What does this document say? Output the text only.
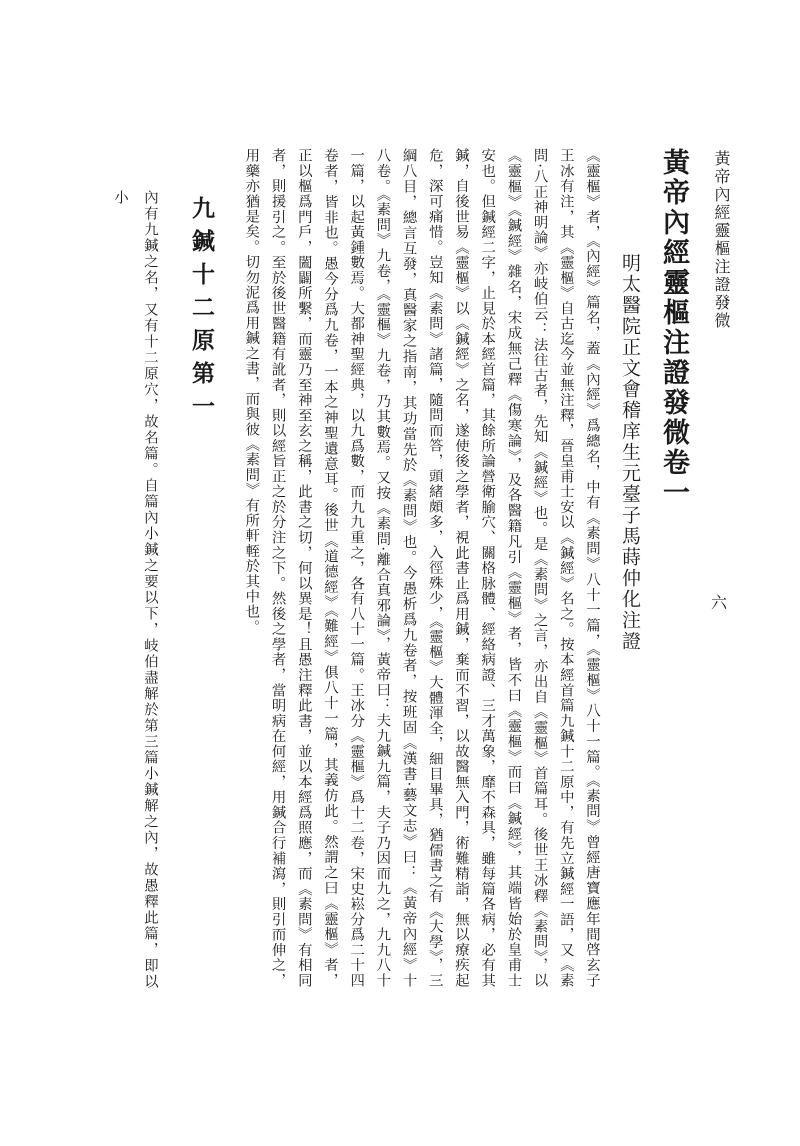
黃帝內經靈樞注證發微
六
黃帝內經靈樞注證發微卷一
明太醫院正文會稽庠生元臺子馬蒔仲化注證

《靈樞》者，《內經》篇名，蓋《內經》爲總名，中有《素問》八十一篇，《靈樞》八十一篇。《素問》曾經唐寶應年間啓玄子王冰有注，其《靈樞》自古迄今並無注釋，晉皇甫士安以《鍼經》名之。按本經首篇九鍼十二原中，有先立鍼經一語，又《素問·八正神明論》亦岐伯云：法往古者，先知《鍼經》也。是《素問》之言，亦出自《靈樞》首篇耳。後世王冰釋《素問》，以《靈樞》《鍼經》雜名，宋成無己釋《傷寒論》，及各醫籍凡引《靈樞》者，皆不曰《靈樞》而曰《鍼經》，其端皆始於皇甫士安也。但鍼經二字，止見於本經首篇，其餘所論營衛腧穴、關格脉體、經絡病證、三才萬象，靡不森具，雖每篇各病，必有其鍼，自後世易《靈樞》以《鍼經》之名，遂使後之學者，視此書止爲用鍼，棄而不習，以故醫無入門，術難精詣，無以療疾起危，深可痛惜。豈知《素問》諸篇，隨問而答，頭緒頗多，入徑殊少，《靈樞》大體渾全，細目畢具，猶儒書之有《大學》，三綱八目，總言互發，真醫家之指南，其功當先於《素問》也。今愚析爲九卷者，按班固《漢書·藝文志》曰：《黃帝內經》十八卷。《素問》九卷，《靈樞》九卷，乃其數焉。又按《素問·離合真邪論》，黃帝曰：夫九鍼九篇，夫子乃因而九之，九九八十一篇，以起黃鍾數焉。大都神聖經典，以九爲數，而九九重之，各有八十一篇。王冰分《靈樞》爲十二卷，宋史崧分爲二十四卷者，皆非也。愚今分爲九卷，一本之神聖遺意耳。後世《道德經》《難經》俱八十一篇，其義仿此。然謂之曰《靈樞》者，正以樞爲門戶，闔闢所繫，而靈乃至神至玄之稱，此書之切，何以異是！且愚注釋此書，並以本經爲照應，而《素問》有相同者，則援引之。至於後世醫籍有訛者，則以經旨正之於分注之下。然後之學者，當明病在何經，用鍼合行補瀉，則引而伸之，用藥亦猶是矣。切勿泥爲用鍼之書，而與彼《素問》有所軒輊於其中也。

九鍼十二原第一

內有九鍼之名，又有十二原穴，故名篇。自篇內小鍼之要以下，岐伯盡解於第三篇小鍼解之內，故愚釋此篇，即以小
